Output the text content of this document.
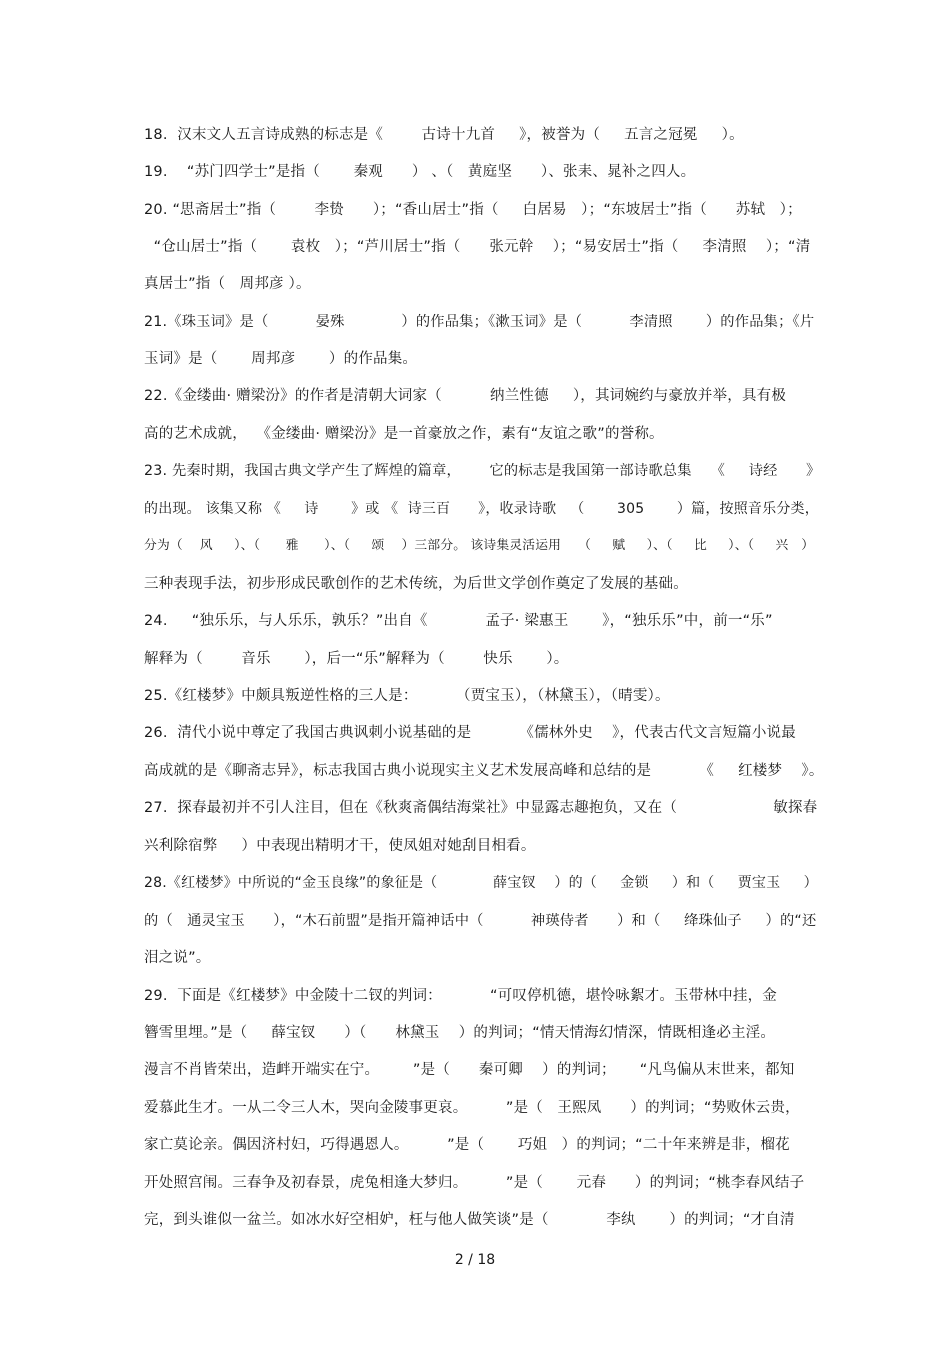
18.  汉末文人五言诗成熟的标志是《        古诗十九首     》，被誉为（     五言之冠冕     ）。
19.    “苏门四学士”是指（       秦观      ） 、（   黄庭坚      ）、张耒、晁补之四人。
20. “思斋居士”指（        李贽      ）；“香山居士”指（     白居易   ）；“东坡居士”指（      苏轼   ）；
“仓山居士”指（       袁枚   ）；“芦川居士”指（      张元幹    ）；“易安居士”指（     李清照    ）；“清
真居士”指（   周邦彦 ）。
21.《珠玉词》是（          晏殊            ）的作品集；《漱玉词》是（          李清照       ）的作品集；《片
玉词》是（       周邦彦       ）的作品集。
22.《金缕曲· 赠梁汾》的作者是清朝大词家（          纳兰性德     ），其词婉约与豪放并举，具有极
高的艺术成就，  《金缕曲· 赠梁汾》是一首豪放之作，素有“友谊之歌”的誉称。
23. 先秦时期，我国古典文学产生了辉煌的篇章，      它的标志是我国第一部诗歌总集    《     诗经      》
的出现。 该集又称 《     诗       》或 《  诗三百      》，收录诗歌   （       305       ）篇，按照音乐分类，
分为（    风     ）、（      雅      ）、（     颂    ）三部分。 该诗集灵活运用    （     赋     ）、（     比     ）、（     兴   ）
三种表现手法，初步形成民歌创作的艺术传统，为后世文学创作奠定了发展的基础。
24.     “独乐乐，与人乐乐，孰乐？”出自《            孟子· 梁惠王       》，“独乐乐”中，前一“乐”
解释为（        音乐       ），后一“乐”解释为（        快乐       ）。
25.《红楼梦》中颇具叛逆性格的三人是：        （贾宝玉），（林黛玉），（晴雯）。
26.  清代小说中尊定了我国古典讽刺小说基础的是          《儒林外史    》，代表古代文言短篇小说最
高成就的是《聊斋志异》，标志我国古典小说现实主义艺术发展高峰和总结的是          《     红楼梦    》。
27.  探春最初并不引人注目，但在《秋爽斋偶结海棠社》中显露志趣抱负，又在（                    敏探春
兴利除宿弊     ）中表现出精明才干，使凤姐对她刮目相看。
28.《红楼梦》中所说的“金玉良缘”的象征是（            薛宝钗    ）的（     金锁     ）和（     贾宝玉     ）
的（   通灵宝玉      ），“木石前盟”是指开篇神话中（          神瑛侍者      ）和（     绛珠仙子     ）的“还
泪之说”。
29.  下面是《红楼梦》中金陵十二钗的判词：          “可叹停机德，堪怜咏絮才。玉带林中挂，金
簪雪里埋。”是（     薛宝钗      ）（      林黛玉    ）的判词；“情天情海幻情深，情既相逢必主淫。
漫言不肖皆荣出，造衅开端实在宁。       ”是（      秦可卿    ）的判词；     “凡鸟偏从末世来，都知
爱慕此生才。一从二令三人木，哭向金陵事更哀。        ”是（   王熙凤      ）的判词；“势败休云贵，
家亡莫论亲。偶因济村妇，巧得遇恩人。        ”是（       巧姐   ）的判词；“二十年来辨是非，榴花
开处照宫闱。三春争及初春景，虎兔相逢大梦归。        ”是（       元春      ）的判词；“桃李春风结子
完，到头谁似一盆兰。如冰水好空相妒，枉与他人做笑谈”是（            李纨       ）的判词；“才自清
2 / 18
